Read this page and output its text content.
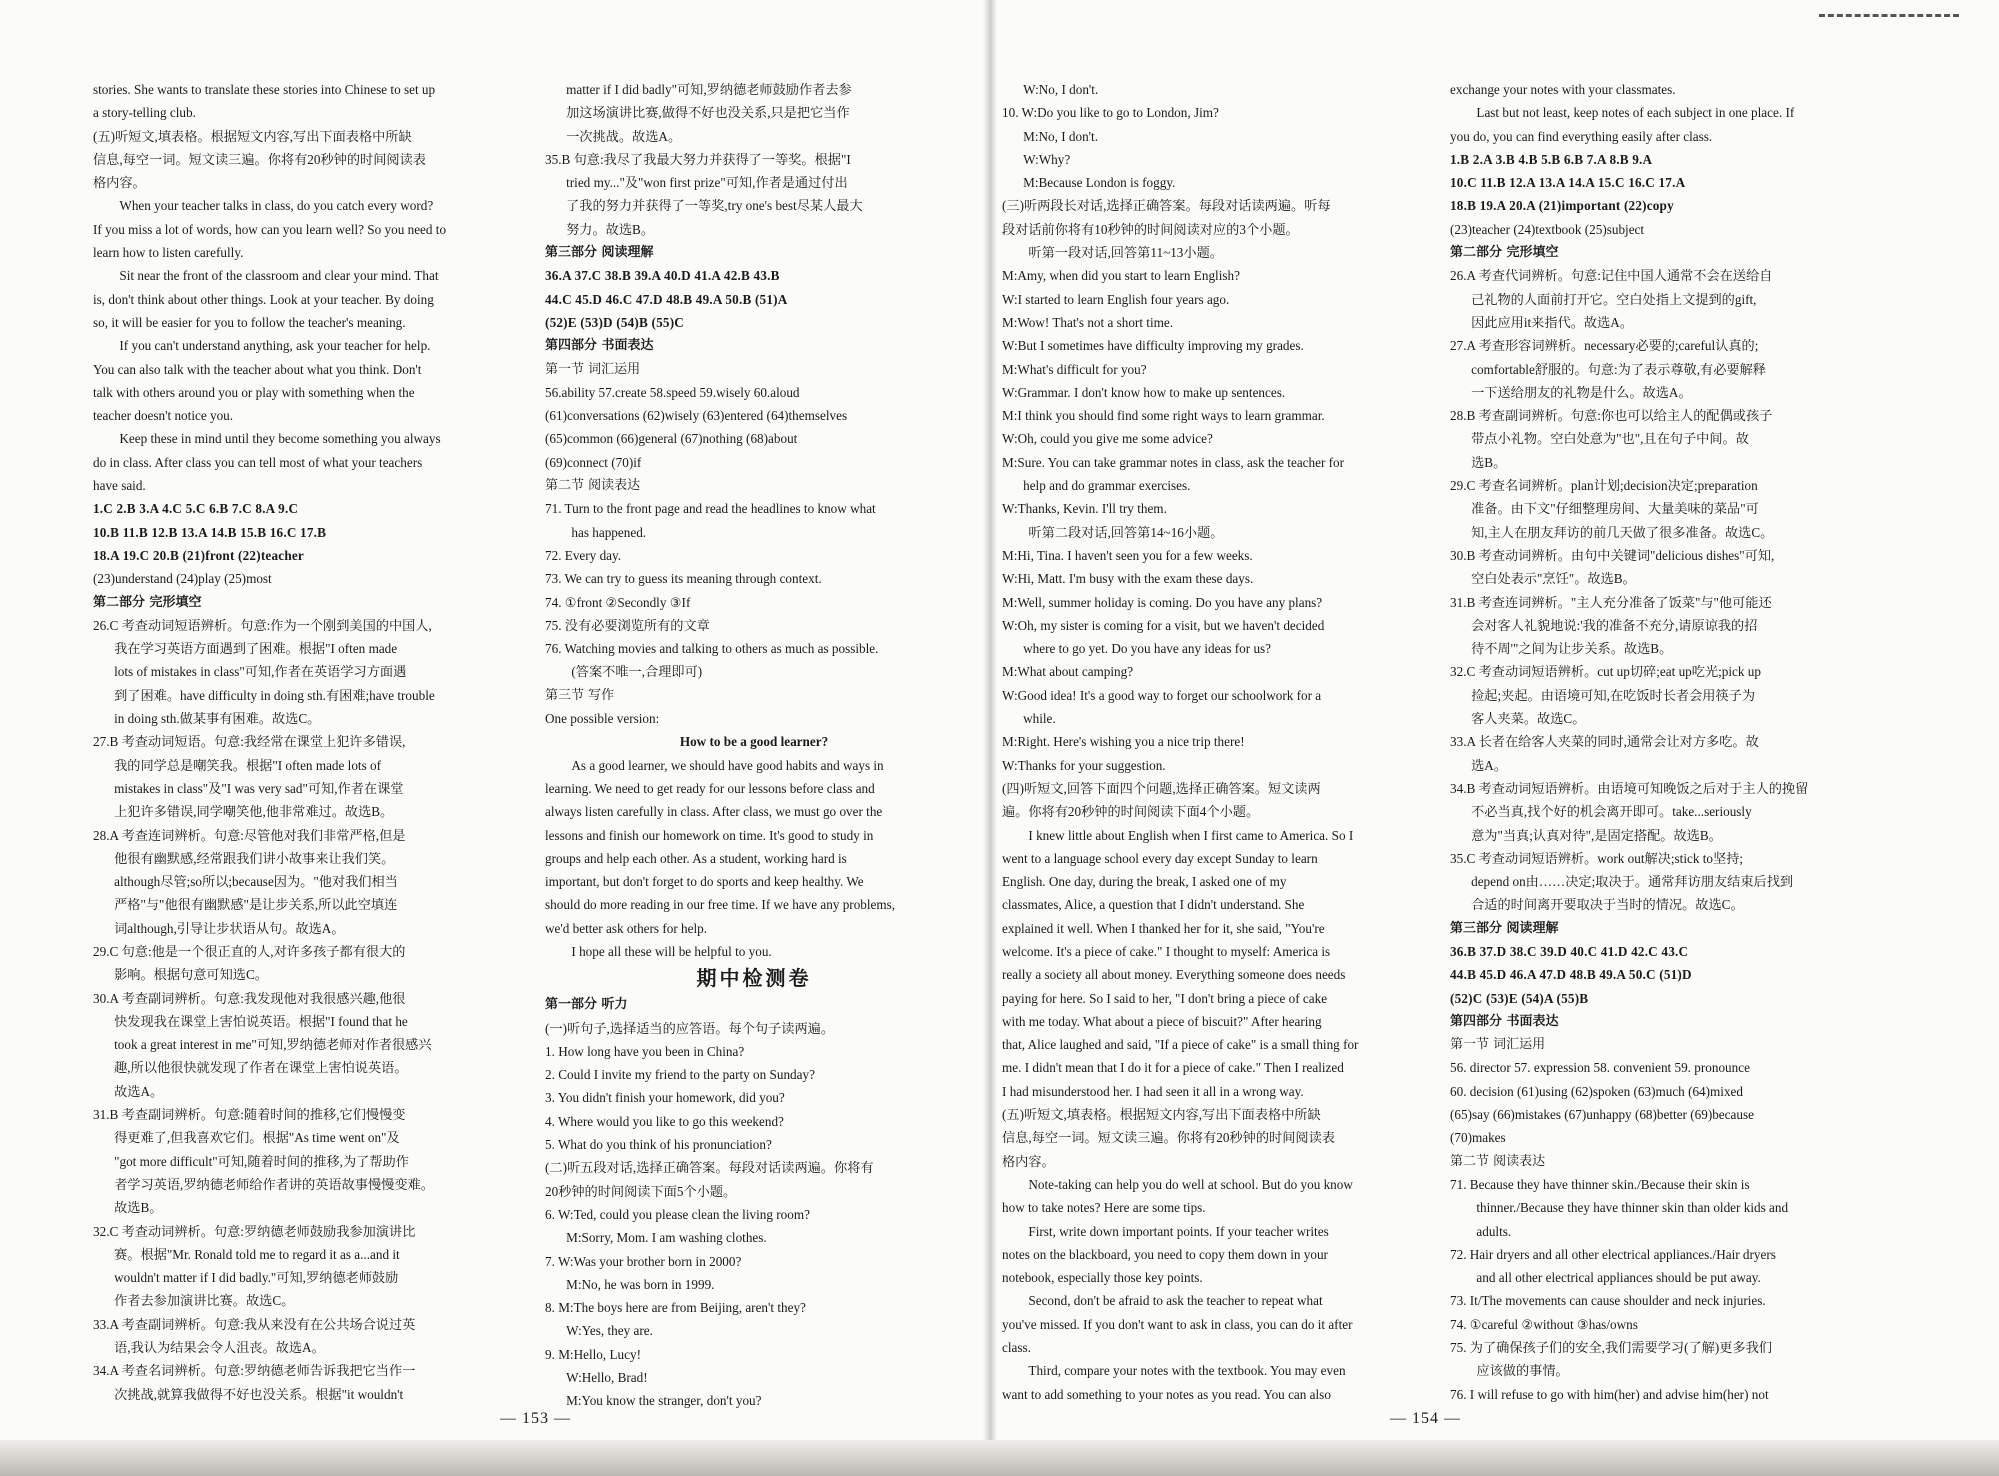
stories. She wants to translate these stories into Chinese to set up
a story-telling club.
(五)听短文,填表格。根据短文内容,写出下面表格中所缺
信息,每空一词。短文读三遍。你将有20秒钟的时间阅读表
格内容。
When your teacher talks in class, do you catch every word?
If you miss a lot of words, how can you learn well? So you need to
learn how to listen carefully.
Sit near the front of the classroom and clear your mind. That
is, don't think about other things. Look at your teacher. By doing
so, it will be easier for you to follow the teacher's meaning.
If you can't understand anything, ask your teacher for help.
You can also talk with the teacher about what you think. Don't
talk with others around you or play with something when the
teacher doesn't notice you.
Keep these in mind until they become something you always
do in class. After class you can tell most of what your teachers
have said.
1.C 2.B 3.A 4.C 5.C 6.B 7.C 8.A 9.C
10.B 11.B 12.B 13.A 14.B 15.B 16.C 17.B
18.A 19.C 20.B (21)front (22)teacher
(23)understand (24)play (25)most
第二部分 完形填空
26.C 考查动词短语辨析。句意:作为一个刚到美国的中国人,
我在学习英语方面遇到了困难。根据"I often made
lots of mistakes in class"可知,作者在英语学习方面遇
到了困难。have difficulty in doing sth.有困难;have trouble
in doing sth.做某事有困难。故选C。
27.B 考查动词短语。句意:我经常在课堂上犯许多错误,
我的同学总是嘲笑我。根据"I often made lots of
mistakes in class"及"I was very sad"可知,作者在课堂
上犯许多错误,同学嘲笑他,他非常难过。故选B。
28.A 考查连词辨析。句意:尽管他对我们非常严格,但是
他很有幽默感,经常跟我们讲小故事来让我们笑。
although尽管;so所以;because因为。"他对我们相当
严格"与"他很有幽默感"是让步关系,所以此空填连
词although,引导让步状语从句。故选A。
29.C 句意:他是一个很正直的人,对许多孩子都有很大的
影响。根据句意可知选C。
30.A 考查副词辨析。句意:我发现他对我很感兴趣,他很
快发现我在课堂上害怕说英语。根据"I found that he
took a great interest in me"可知,罗纳德老师对作者很感兴
趣,所以他很快就发现了作者在课堂上害怕说英语。
故选A。
31.B 考查副词辨析。句意:随着时间的推移,它们慢慢变
得更难了,但我喜欢它们。根据"As time went on"及
"got more difficult"可知,随着时间的推移,为了帮助作
者学习英语,罗纳德老师给作者讲的英语故事慢慢变难。
故选B。
32.C 考查动词辨析。句意:罗纳德老师鼓励我参加演讲比
赛。根据"Mr. Ronald told me to regard it as a...and it
wouldn't matter if I did badly."可知,罗纳德老师鼓励
作者去参加演讲比赛。故选C。
33.A 考查副词辨析。句意:我从来没有在公共场合说过英
语,我认为结果会令人沮丧。故选A。
34.A 考查名词辨析。句意:罗纳德老师告诉我把它当作一
次挑战,就算我做得不好也没关系。根据"it wouldn't
matter if I did badly"可知,罗纳德老师鼓励作者去参
加这场演讲比赛,做得不好也没关系,只是把它当作
一次挑战。故选A。
35.B 句意:我尽了我最大努力并获得了一等奖。根据"I
tried my..."及"won first prize"可知,作者是通过付出
了我的努力并获得了一等奖,try one's best尽某人最大
努力。故选B。
第三部分 阅读理解
36.A 37.C 38.B 39.A 40.D 41.A 42.B 43.B
44.C 45.D 46.C 47.D 48.B 49.A 50.B (51)A
(52)E (53)D (54)B (55)C
第四部分 书面表达
第一节 词汇运用
56.ability 57.create 58.speed 59.wisely 60.aloud
(61)conversations (62)wisely (63)entered (64)themselves
(65)common (66)general (67)nothing (68)about
(69)connect (70)if
第二节 阅读表达
71. Turn to the front page and read the headlines to know what
has happened.
72. Every day.
73. We can try to guess its meaning through context.
74. ①front ②Secondly ③If
75. 没有必要浏览所有的文章
76. Watching movies and talking to others as much as possible.
(答案不唯一,合理即可)
第三节 写作
One possible version:
How to be a good learner?
As a good learner, we should have good habits and ways in
learning. We need to get ready for our lessons before class and
always listen carefully in class. After class, we must go over the
lessons and finish our homework on time. It's good to study in
groups and help each other. As a student, working hard is
important, but don't forget to do sports and keep healthy. We
should do more reading in our free time. If we have any problems,
we'd better ask others for help.
I hope all these will be helpful to you.
期中检测卷
第一部分 听力
(一)听句子,选择适当的应答语。每个句子读两遍。
1. How long have you been in China?
2. Could I invite my friend to the party on Sunday?
3. You didn't finish your homework, did you?
4. Where would you like to go this weekend?
5. What do you think of his pronunciation?
(二)听五段对话,选择正确答案。每段对话读两遍。你将有
20秒钟的时间阅读下面5个小题。
6. W:Ted, could you please clean the living room?
M:Sorry, Mom. I am washing clothes.
7. W:Was your brother born in 2000?
M:No, he was born in 1999.
8. M:The boys here are from Beijing, aren't they?
W:Yes, they are.
9. M:Hello, Lucy!
W:Hello, Brad!
M:You know the stranger, don't you?
W:No, I don't.
10. W:Do you like to go to London, Jim?
M:No, I don't.
W:Why?
M:Because London is foggy.
(三)听两段长对话,选择正确答案。每段对话读两遍。听每
段对话前你将有10秒钟的时间阅读对应的3个小题。
听第一段对话,回答第11~13小题。
M:Amy, when did you start to learn English?
W:I started to learn English four years ago.
M:Wow! That's not a short time.
W:But I sometimes have difficulty improving my grades.
M:What's difficult for you?
W:Grammar. I don't know how to make up sentences.
M:I think you should find some right ways to learn grammar.
W:Oh, could you give me some advice?
M:Sure. You can take grammar notes in class, ask the teacher for
help and do grammar exercises.
W:Thanks, Kevin. I'll try them.
听第二段对话,回答第14~16小题。
M:Hi, Tina. I haven't seen you for a few weeks.
W:Hi, Matt. I'm busy with the exam these days.
M:Well, summer holiday is coming. Do you have any plans?
W:Oh, my sister is coming for a visit, but we haven't decided
where to go yet. Do you have any ideas for us?
M:What about camping?
W:Good idea! It's a good way to forget our schoolwork for a
while.
M:Right. Here's wishing you a nice trip there!
W:Thanks for your suggestion.
(四)听短文,回答下面四个问题,选择正确答案。短文读两
遍。你将有20秒钟的时间阅读下面4个小题。
I knew little about English when I first came to America. So I
went to a language school every day except Sunday to learn
English. One day, during the break, I asked one of my
classmates, Alice, a question that I didn't understand. She
explained it well. When I thanked her for it, she said, "You're
welcome. It's a piece of cake." I thought to myself: America is
really a society all about money. Everything someone does needs
paying for here. So I said to her, "I don't bring a piece of cake
with me today. What about a piece of biscuit?" After hearing
that, Alice laughed and said, "If a piece of cake" is a small thing for
me. I didn't mean that I do it for a piece of cake." Then I realized
I had misunderstood her. I had seen it all in a wrong way.
(五)听短文,填表格。根据短文内容,写出下面表格中所缺
信息,每空一词。短文读三遍。你将有20秒钟的时间阅读表
格内容。
Note-taking can help you do well at school. But do you know
how to take notes? Here are some tips.
First, write down important points. If your teacher writes
notes on the blackboard, you need to copy them down in your
notebook, especially those key points.
Second, don't be afraid to ask the teacher to repeat what
you've missed. If you don't want to ask in class, you can do it after
class.
Third, compare your notes with the textbook. You may even
want to add something to your notes as you read. You can also
exchange your notes with your classmates.
Last but not least, keep notes of each subject in one place. If
you do, you can find everything easily after class.
1.B 2.A 3.B 4.B 5.B 6.B 7.A 8.B 9.A
10.C 11.B 12.A 13.A 14.A 15.C 16.C 17.A
18.B 19.A 20.A (21)important (22)copy
(23)teacher (24)textbook (25)subject
第二部分 完形填空
26.A 考查代词辨析。句意:记住中国人通常不会在送给自
己礼物的人面前打开它。空白处指上文提到的gift,
因此应用it来指代。故选A。
27.A 考查形容词辨析。necessary必要的;careful认真的;
comfortable舒服的。句意:为了表示尊敬,有必要解释
一下送给朋友的礼物是什么。故选A。
28.B 考查副词辨析。句意:你也可以给主人的配偶或孩子
带点小礼物。空白处意为"也",且在句子中间。故
选B。
29.C 考查名词辨析。plan计划;decision决定;preparation
准备。由下文"仔细整理房间、大量美味的菜品"可
知,主人在朋友拜访的前几天做了很多准备。故选C。
30.B 考查动词辨析。由句中关键词"delicious dishes"可知,
空白处表示"烹饪"。故选B。
31.B 考查连词辨析。"主人充分准备了饭菜"与"他可能还
会对客人礼貌地说:'我的准备不充分,请原谅我的招
待不周'"之间为让步关系。故选B。
32.C 考查动词短语辨析。cut up切碎;eat up吃光;pick up
捡起;夹起。由语境可知,在吃饭时长者会用筷子为
客人夹菜。故选C。
33.A 长者在给客人夹菜的同时,通常会让对方多吃。故
选A。
34.B 考查动词短语辨析。由语境可知晚饭之后对于主人的挽留
不必当真,找个好的机会离开即可。take...seriously
意为"当真;认真对待",是固定搭配。故选B。
35.C 考查动词短语辨析。work out解决;stick to坚持;
depend on由……决定;取决于。通常拜访朋友结束后找到
合适的时间离开要取决于当时的情况。故选C。
第三部分 阅读理解
36.B 37.D 38.C 39.D 40.C 41.D 42.C 43.C
44.B 45.D 46.A 47.D 48.B 49.A 50.C (51)D
(52)C (53)E (54)A (55)B
第四部分 书面表达
第一节 词汇运用
56. director 57. expression 58. convenient 59. pronounce
60. decision (61)using (62)spoken (63)much (64)mixed
(65)say (66)mistakes (67)unhappy (68)better (69)because
(70)makes
第二节 阅读表达
71. Because they have thinner skin./Because their skin is
thinner./Because they have thinner skin than older kids and
adults.
72. Hair dryers and all other electrical appliances./Hair dryers
and all other electrical appliances should be put away.
73. It/The movements can cause shoulder and neck injuries.
74. ①careful ②without ③has/owns
75. 为了确保孩子们的安全,我们需要学习(了解)更多我们
应该做的事情。
76. I will refuse to go with him(her) and advise him(her) not
— 153 —	— 154 —
